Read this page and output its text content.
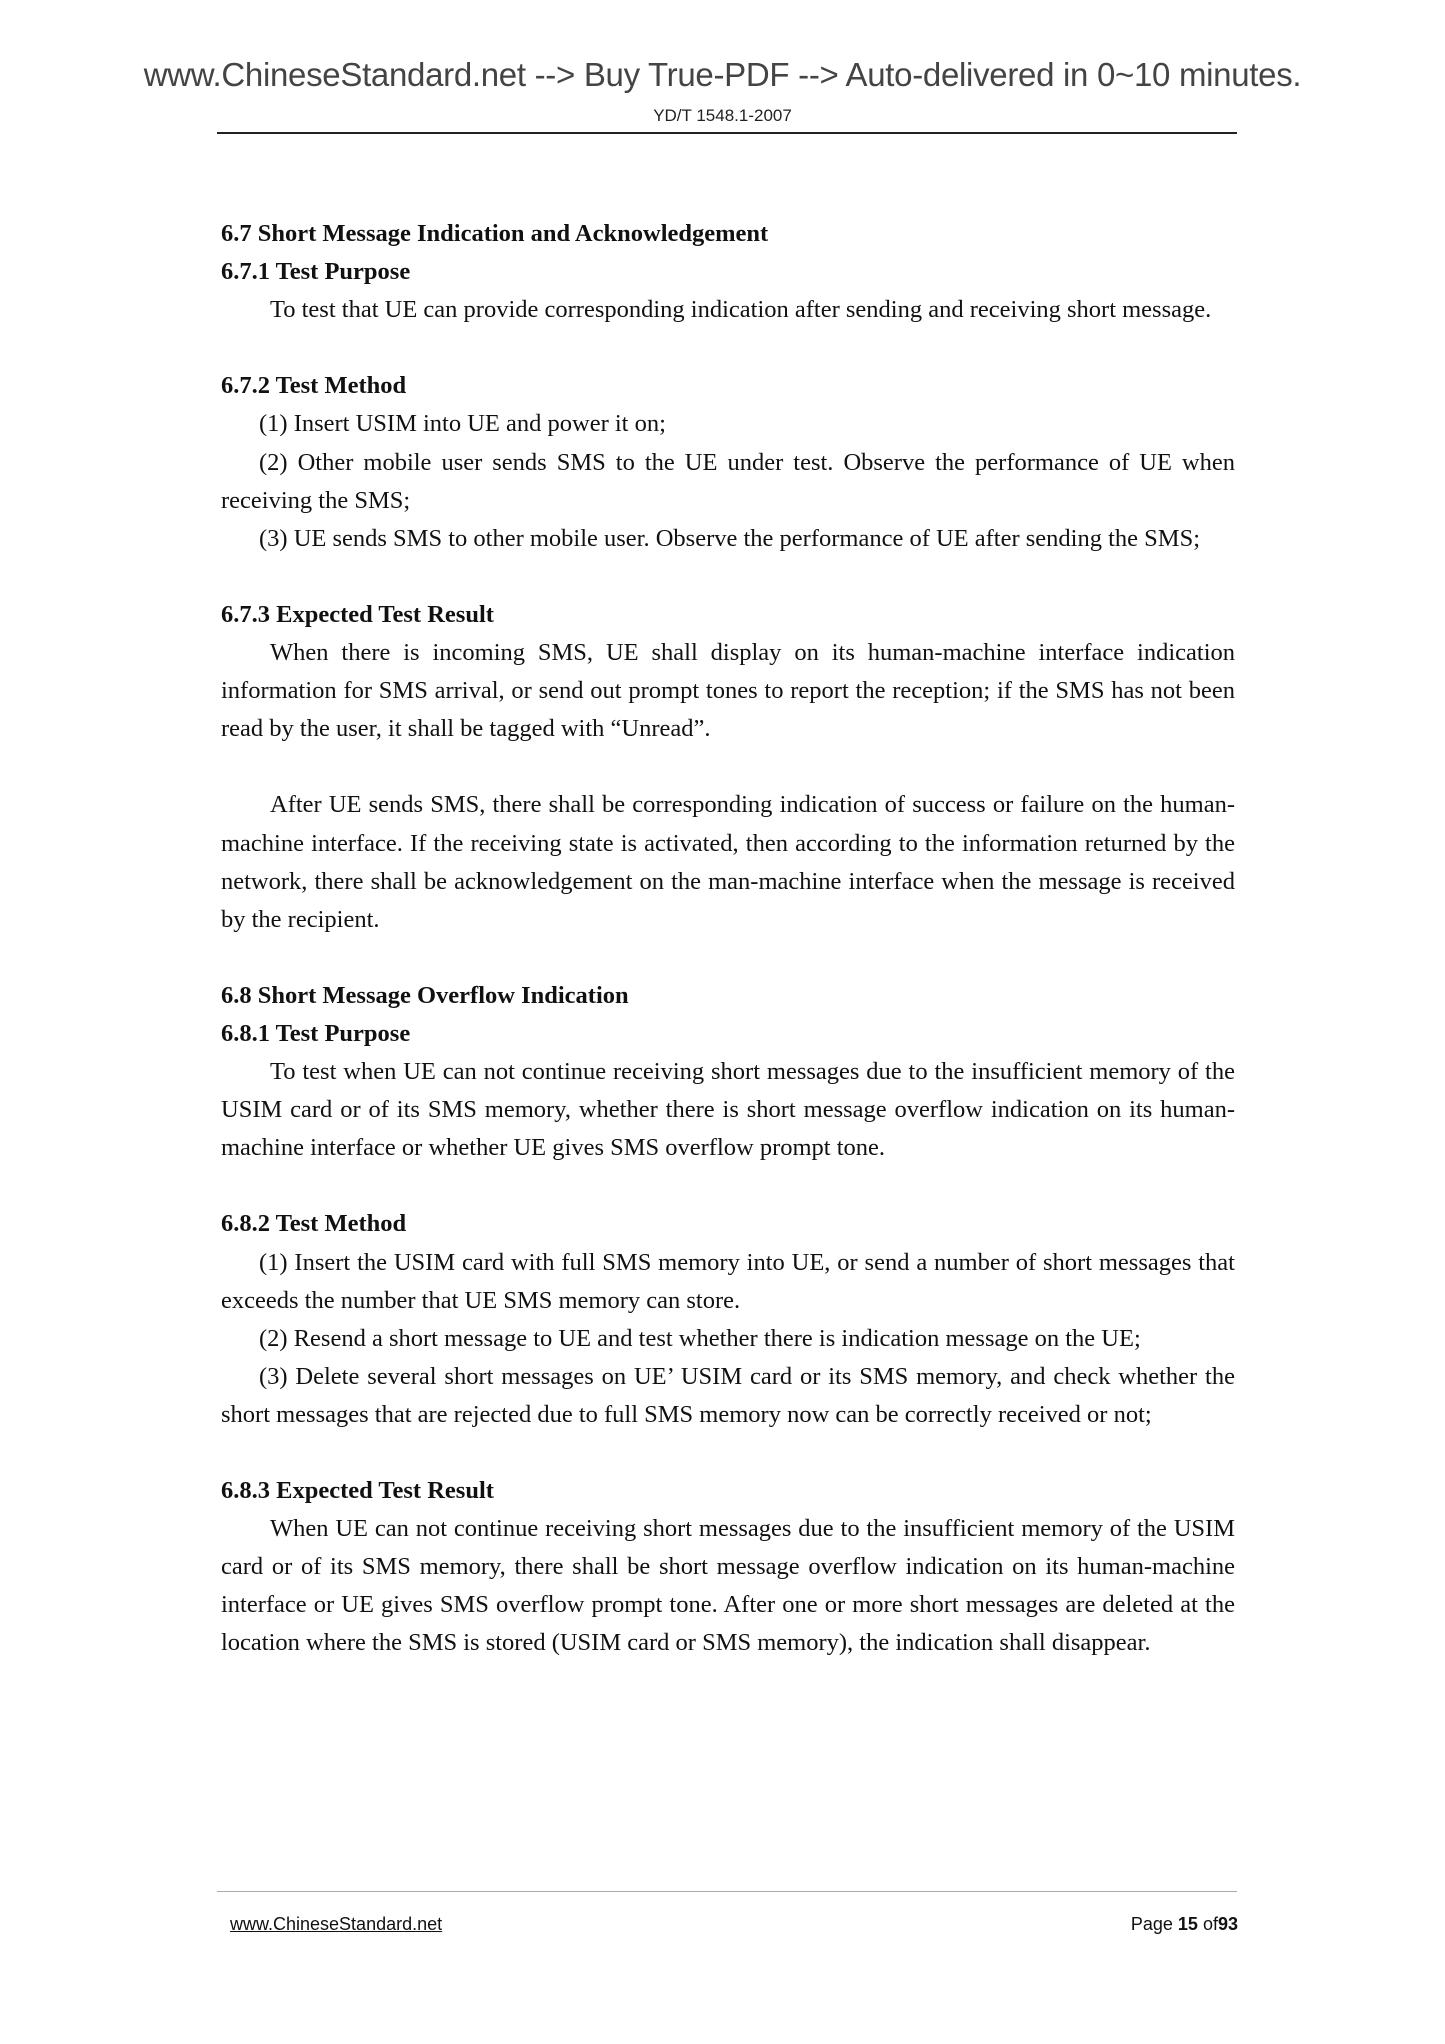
www.ChineseStandard.net --> Buy True-PDF --> Auto-delivered in 0~10 minutes.
YD/T 1548.1-2007
6.7 Short Message Indication and Acknowledgement
6.7.1 Test Purpose
To test that UE can provide corresponding indication after sending and receiving short message.
6.7.2 Test Method
(1) Insert USIM into UE and power it on;
(2) Other mobile user sends SMS to the UE under test. Observe the performance of UE when receiving the SMS;
(3) UE sends SMS to other mobile user. Observe the performance of UE after sending the SMS;
6.7.3 Expected Test Result
When there is incoming SMS, UE shall display on its human-machine interface indication information for SMS arrival, or send out prompt tones to report the reception; if the SMS has not been read by the user, it shall be tagged with “Unread”.
After UE sends SMS, there shall be corresponding indication of success or failure on the human-machine interface. If the receiving state is activated, then according to the information returned by the network, there shall be acknowledgement on the man-machine interface when the message is received by the recipient.
6.8 Short Message Overflow Indication
6.8.1 Test Purpose
To test when UE can not continue receiving short messages due to the insufficient memory of the USIM card or of its SMS memory, whether there is short message overflow indication on its human-machine interface or whether UE gives SMS overflow prompt tone.
6.8.2 Test Method
(1) Insert the USIM card with full SMS memory into UE, or send a number of short messages that exceeds the number that UE SMS memory can store.
(2) Resend a short message to UE and test whether there is indication message on the UE;
(3) Delete several short messages on UE’ USIM card or its SMS memory, and check whether the short messages that are rejected due to full SMS memory now can be correctly received or not;
6.8.3 Expected Test Result
When UE can not continue receiving short messages due to the insufficient memory of the USIM card or of its SMS memory, there shall be short message overflow indication on its human-machine interface or UE gives SMS overflow prompt tone. After one or more short messages are deleted at the location where the SMS is stored (USIM card or SMS memory), the indication shall disappear.
www.ChineseStandard.net	Page 15 of93
